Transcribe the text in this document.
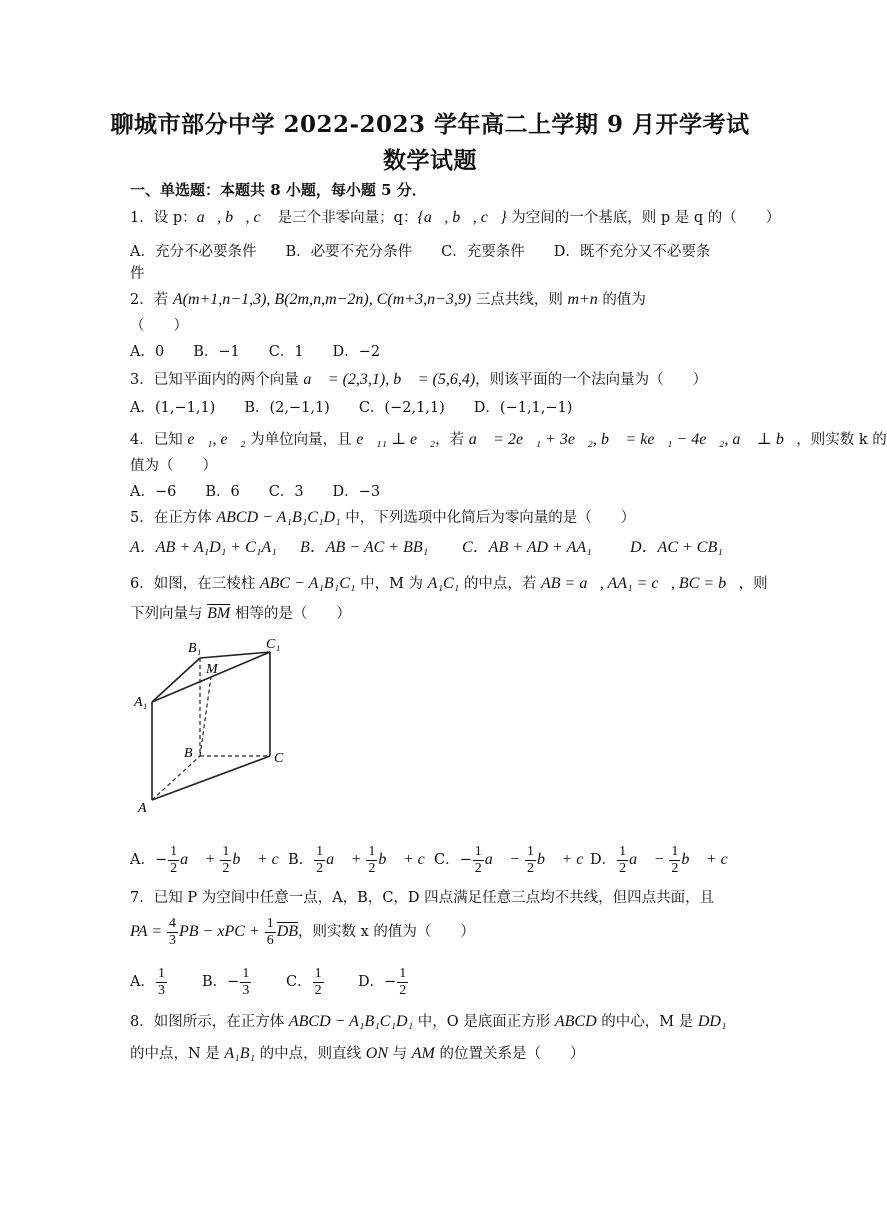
聊城市部分中学 2022-2023 学年高二上学期 9 月开学考试
数学试题
一、单选题：本题共 8 小题，每小题 5 分．
1．设 p：a⃗, b⃗, c⃗ 是三个非零向量；q：{a⃗, b⃗, c⃗} 为空间的一个基底，则 p 是 q 的（　　）
A．充分不必要条件　　B．必要不充分条件　　C．充要条件　　D．既不充分又不必要条
件
2．若 A(m+1,n−1,3), B(2m,n,m−2n), C(m+3,n−3,9) 三点共线，则 m+n 的值为
（　　）
A．0　　B．−1　　C．1　　D．−2
3．已知平面内的两个向量 a⃗ = (2,3,1), b⃗ = (5,6,4)，则该平面的一个法向量为（　　）
A．(1,−1,1)　　B．(2,−1,1)　　C．(−2,1,1)　　D．(−1,1,−1)
4．已知 e⃗₁, e⃗₂ 为单位向量，且 e⃗₁₁ ⊥ e⃗₂，若 a⃗ = 2e⃗₁ + 3e⃗₂, b⃗ = ke⃗₁ − 4e⃗₂, a⃗ ⊥ b⃗，则实数 k 的
值为（　　）
A．−6　　B．6　　C．3　　D．−3
5．在正方体 ABCD − A₁B₁C₁D₁ 中，下列选项中化简后为零向量的是（　　）
A．AB + A₁D₁ + C₁A₁ B．AB − AC + BB₁ C．AB + AD + AA₁ D．AC + CB₁
6．如图，在三棱柱 ABC − A₁B₁C₁ 中，M 为 A₁C₁ 的中点，若 AB = a⃗, AA₁ = c⃗, BC = b⃗，则
下列向量与 $\overline{BM}$ 相等的是（　　）
A₁
B₁	C₁
M
B	C
A
A．− $\frac{1}{2}$ a⃗ + $\frac{1}{2}$ b⃗ + c⃗B． $\frac{1}{2}$ a⃗ + $\frac{1}{2}$ b⃗ + c⃗C．− $\frac{1}{2}$ a⃗ − $\frac{1}{2}$ b⃗ + c⃗D． $\frac{1}{2}$ a⃗ − $\frac{1}{2}$ b⃗ + c⃗
7．已知 P 为空间中任意一点，A，B，C，D 四点满足任意三点均不共线，但四点共面，且
PA = $\frac{4}{3}$ PB − xPC + $\frac{1}{6} \overline{DB}$，则实数 x 的值为（　　）
A． $\frac{1}{3}$ B．− $\frac{1}{3}$ C． $\frac{1}{2}$ D．− $\frac{1}{2}$
8．如图所示，在正方体 ABCD − A₁B₁C₁D₁ 中，O 是底面正方形 ABCD 的中心，M 是 DD₁
的中点，N 是 A₁B₁ 的中点，则直线 ON 与 AM 的位置关系是（　　）
